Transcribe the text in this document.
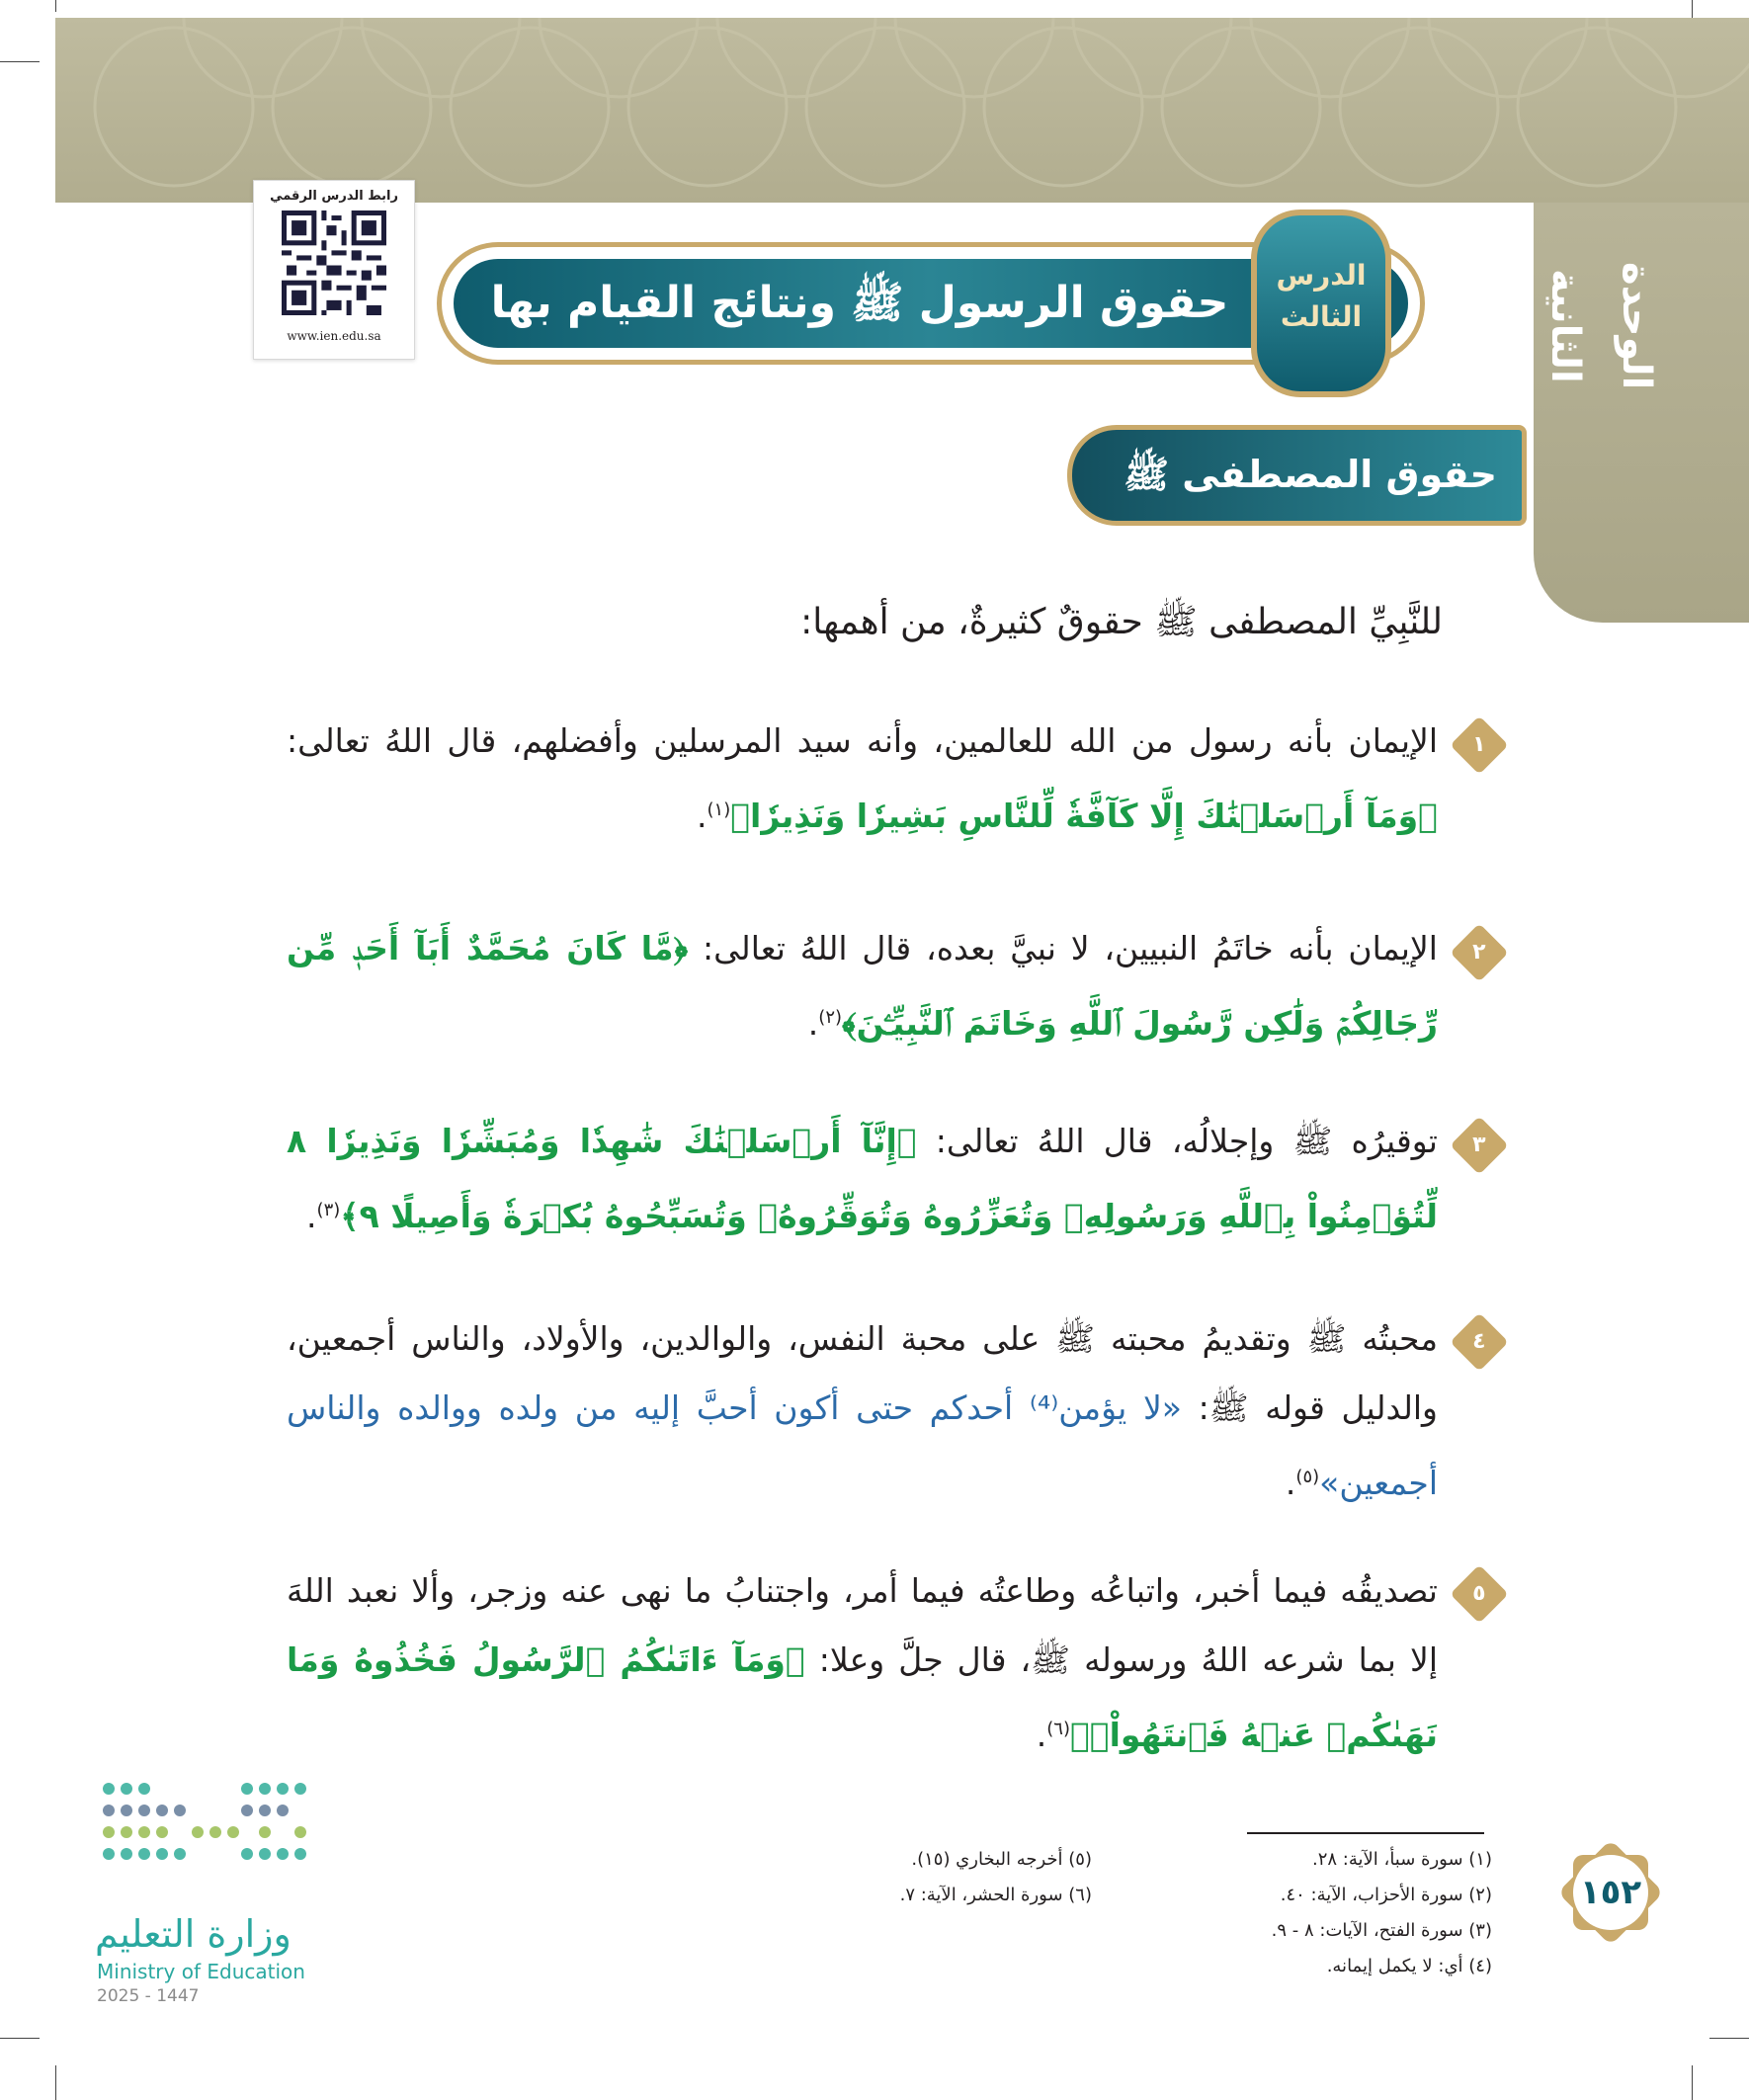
الوحدة الثانية
رابط الدرس الرقمي
www.ien.edu.sa
حقوق الرسول ﷺ ونتائج القيام بها
الدرس
الثالث
حقوق المصطفى ﷺ
للنَّبِيِّ المصطفى ﷺ حقوقٌ كثيرةٌ، من أهمها:
١
الإيمان بأنه رسول من الله للعالمين، وأنه سيد المرسلين وأفضلهم، قال اللهُ تعالى: ﴿وَمَآ أَرۡسَلۡنَٰكَ إِلَّا كَآفَّةٗ لِّلنَّاسِ بَشِيرٗا وَنَذِيرٗا﴾$^{(١)}$.
٢
الإيمان بأنه خاتَمُ النبيين، لا نبيَّ بعده، قال اللهُ تعالى: ﴿مَّا كَانَ مُحَمَّدٌ أَبَآ أَحَدٖ مِّن رِّجَالِكُمۡ وَلَٰكِن رَّسُولَ ٱللَّهِ وَخَاتَمَ ٱلنَّبِيِّـۧنَ﴾$^{(٢)}$.
٣
توقيرُه ﷺ وإجلالُه، قال اللهُ تعالى: ﴿إِنَّآ أَرۡسَلۡنَٰكَ شَٰهِدٗا وَمُبَشِّرٗا وَنَذِيرٗا ٨ لِّتُؤۡمِنُواْ بِٱللَّهِ وَرَسُولِهِۦ وَتُعَزِّرُوهُ وَتُوَقِّرُوهُۚ وَتُسَبِّحُوهُ بُكۡرَةٗ وَأَصِيلًا ٩﴾$^{(٣)}$.
٤
محبتُه ﷺ وتقديمُ محبته ﷺ على محبة النفس، والوالدين، والأولاد، والناس أجمعين، والدليل قوله ﷺ: «لا يؤمن⁽⁴⁾ أحدكم حتى أكون أحبَّ إليه من ولده ووالده والناس أجمعين»$^{(٥)}$.
٥
تصديقُه فيما أخبر، واتباعُه وطاعتُه فيما أمر، واجتنابُ ما نهى عنه وزجر، وألا نعبد اللهَ إلا بما شرعه اللهُ ورسوله ﷺ، قال جلَّ وعلا: ﴿وَمَآ ءَاتَىٰكُمُ ٱلرَّسُولُ فَخُذُوهُ وَمَا نَهَىٰكُمۡ عَنۡهُ فَٱنتَهُواْۚ﴾$^{(٦)}$.
(١) سورة سبأ، الآية: ٢٨.
(٢) سورة الأحزاب، الآية: ٤٠.
(٣) سورة الفتح، الآيات: ٨ - ٩.
(٤) أي: لا يكمل إيمانه.
(٥) أخرجه البخاري (١٥).
(٦) سورة الحشر، الآية: ٧.	١٥٢
وزارة التعليم
Ministry of Education
2025 - 1447
